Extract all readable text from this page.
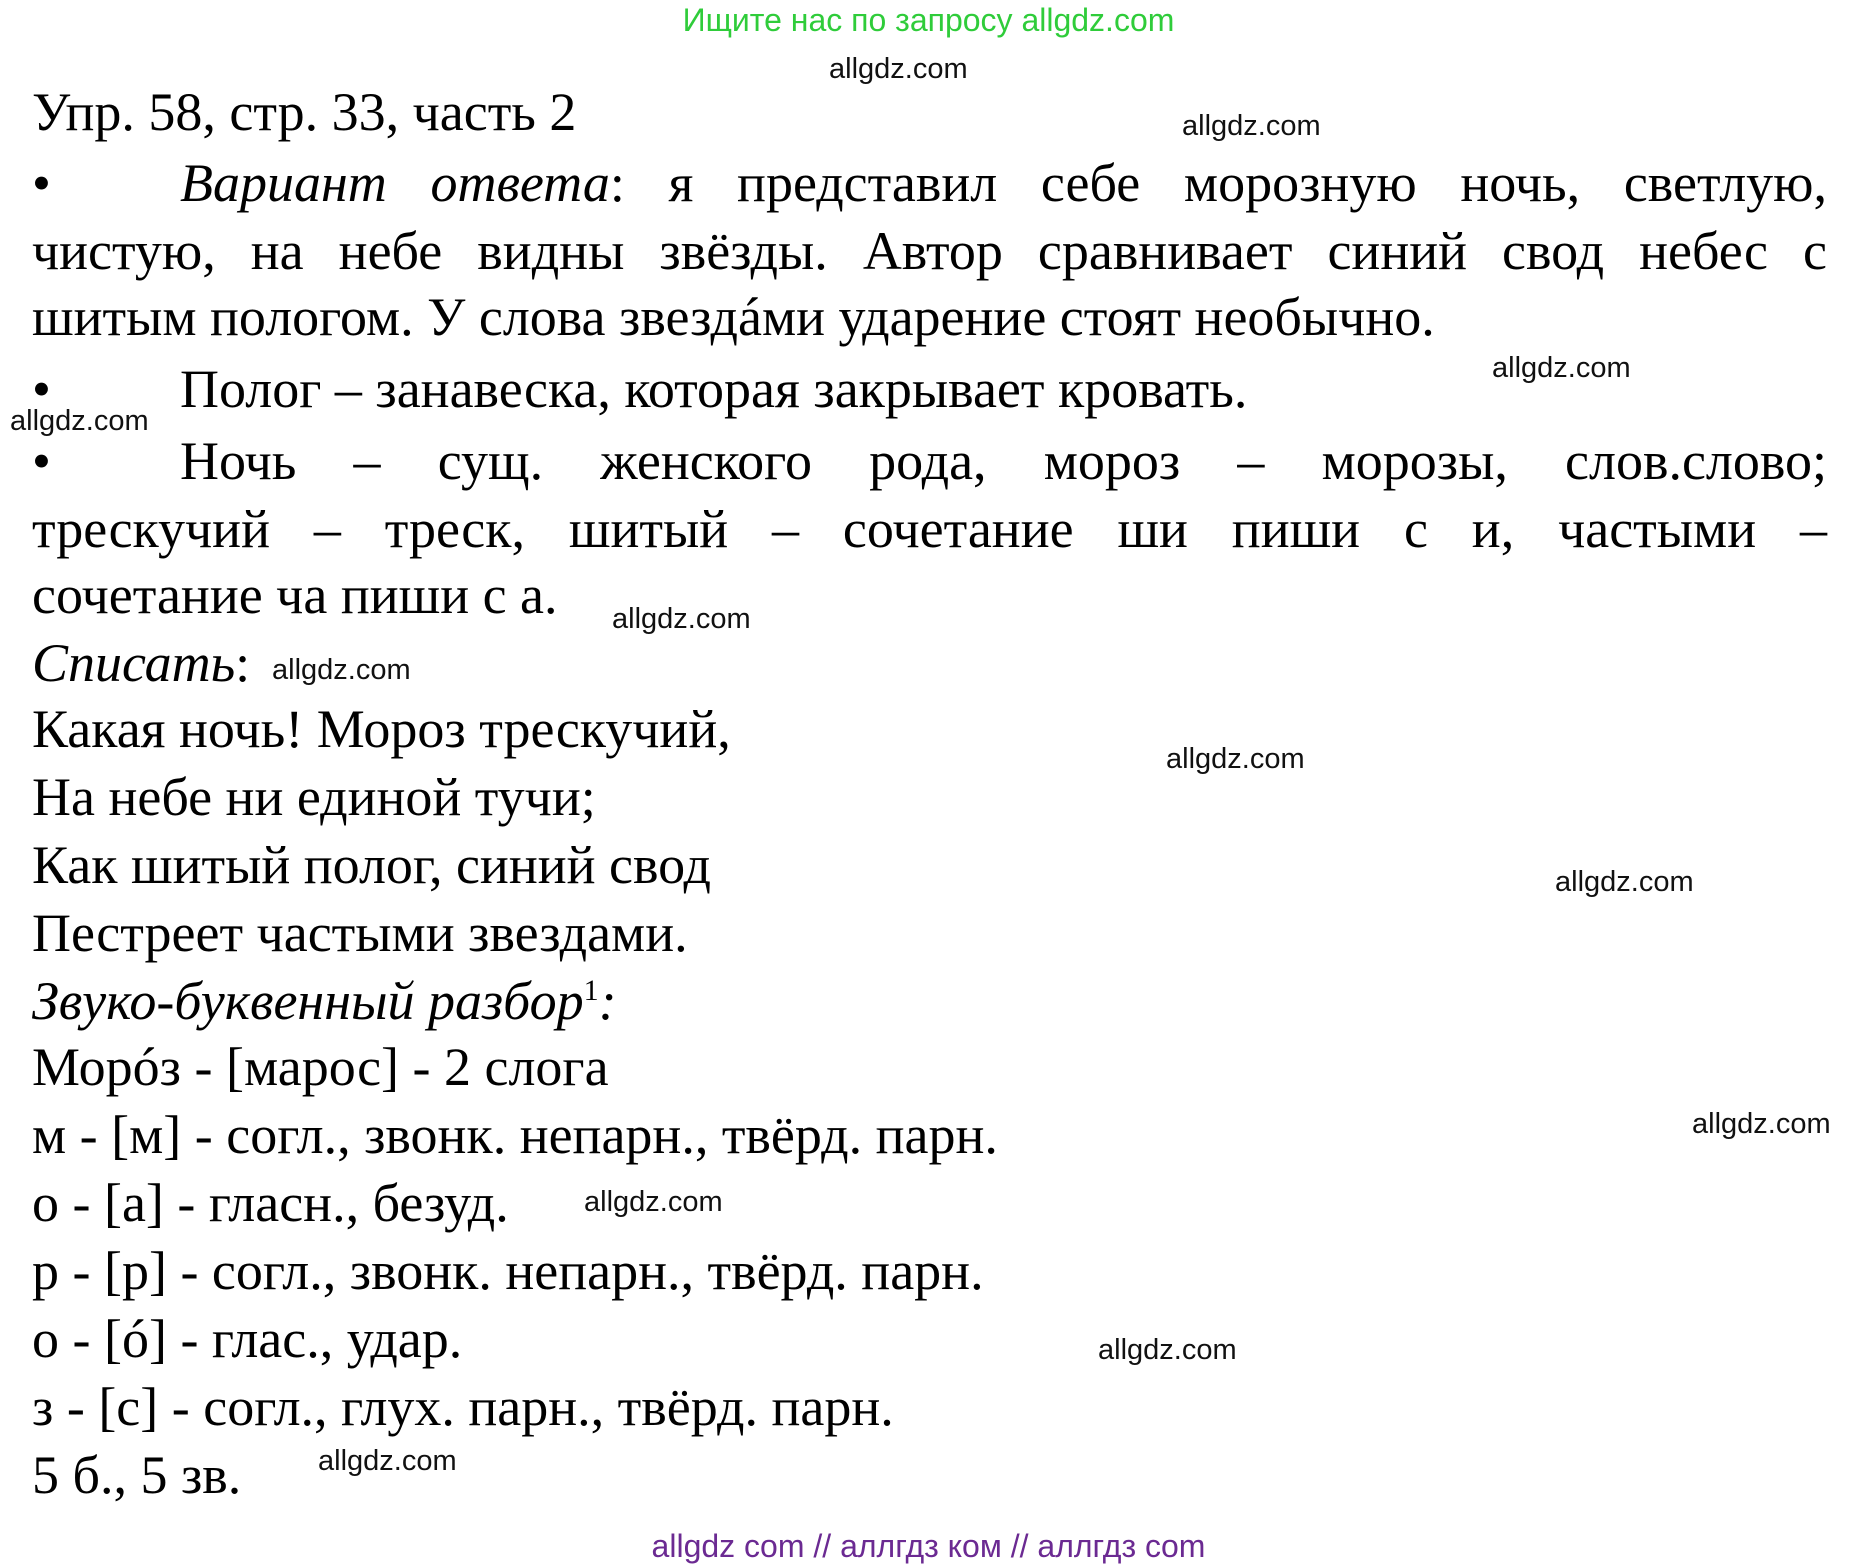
Ищите нас по запросу allgdz.com
Упр. 58, стр. 33, часть 2
•	Вариант ответа: я представил себе морозную ночь, светлую,
чистую, на небе видны звёзды. Автор сравнивает синий свод небес с
шитым пологом. У слова звездáми ударение стоят необычно.
• Полог – занавеска, которая закрывает кровать.
•	Ночь – сущ. женского рода, мороз – морозы, слов.слово;
трескучий – треск, шитый – сочетание ши пиши с и, частыми –
сочетание ча пиши с а.
Списать:
Какая ночь! Мороз трескучий,
На небе ни единой тучи;
Как шитый полог, синий свод
Пестреет частыми звездами.
Звуко-буквенный разбор$^1$:
Морóз - [марос] - 2 слога
м - [м] - согл., звонк. непарн., твёрд. парн.
о - [а] - гласн., безуд.
р - [р] - согл., звонк. непарн., твёрд. парн.
о - [ó] - глас., удар.
з - [с] - согл., глух. парн., твёрд. парн.
5 б., 5 зв.
allgdz.com
allgdz.com
allgdz.com
allgdz.com
allgdz.com
allgdz.com
allgdz.com
allgdz.com
allgdz.com
allgdz.com
allgdz.com
allgdz.com
allgdz com // аллгдз ком // аллгдз com
